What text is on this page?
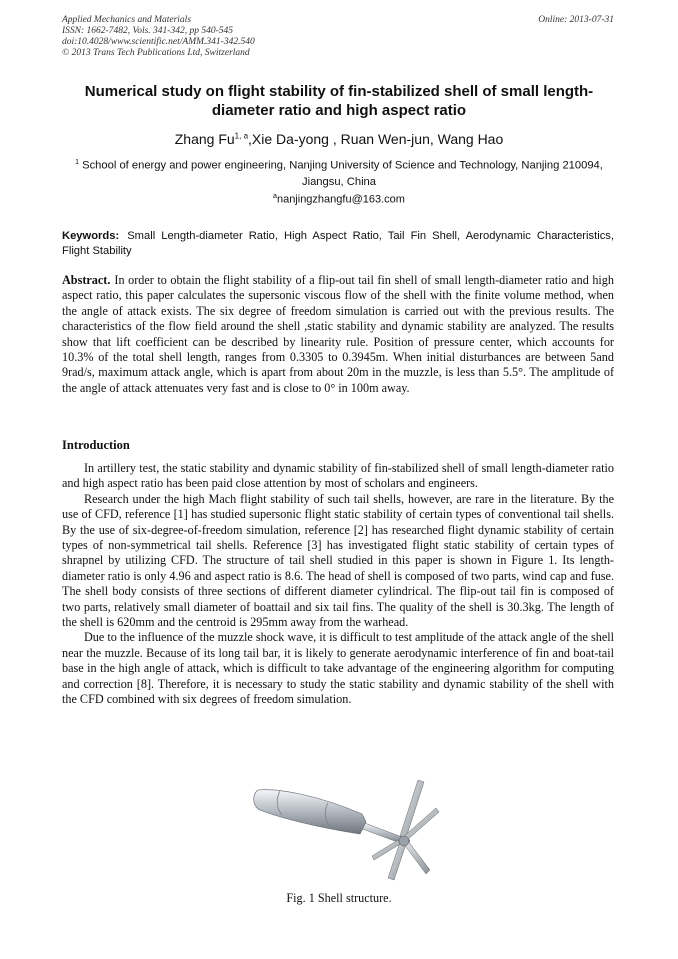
Applied Mechanics and Materials
ISSN: 1662-7482, Vols. 341-342, pp 540-545
doi:10.4028/www.scientific.net/AMM.341-342.540
© 2013 Trans Tech Publications Ltd, Switzerland
Online: 2013-07-31
Numerical study on flight stability of fin-stabilized shell of small length-diameter ratio and high aspect ratio
Zhang Fu$^{1, a}$,Xie Da-yong , Ruan Wen-jun, Wang Hao
$^1$ School of energy and power engineering, Nanjing University of Science and Technology, Nanjing 210094, Jiangsu, China
$^a$nanjingzhangfu@163.com
Keywords: Small Length-diameter Ratio, High Aspect Ratio, Tail Fin Shell, Aerodynamic Characteristics, Flight Stability

Abstract. In order to obtain the flight stability of a flip-out tail fin shell of small length-diameter ratio and high aspect ratio, this paper calculates the supersonic viscous flow of the shell with the finite volume method, when the angle of attack exists. The six degree of freedom simulation is carried out with the previous results. The characteristics of the flow field around the shell ,static stability and dynamic stability are analyzed. The results show that lift coefficient can be described by linearity rule. Position of pressure center, which accounts for 10.3% of the total shell length, ranges from 0.3305 to 0.3945m. When initial disturbances are between 5and 9rad/s, maximum attack angle, which is apart from about 20m in the muzzle, is less than 5.5°. The amplitude of the angle of attack attenuates very fast and is close to 0° in 100m away.

Introduction

In artillery test, the static stability and dynamic stability of fin-stabilized shell of small length-diameter ratio and high aspect ratio has been paid close attention by most of scholars and engineers.

Research under the high Mach flight stability of such tail shells, however, are rare in the literature. By the use of CFD, reference [1] has studied supersonic flight static stability of certain types of conventional tail shells. By the use of six-degree-of-freedom simulation, reference [2] has researched flight dynamic stability of certain types of non-symmetrical tail shells. Reference [3] has investigated flight static stability of certain types of shrapnel by utilizing CFD. The structure of tail shell studied in this paper is shown in Figure 1. Its length-diameter ratio is only 4.96 and aspect ratio is 8.6. The head of shell is composed of two parts, wind cap and fuse. The shell body consists of three sections of different diameter cylindrical. The flip-out tail fin is composed of two parts, relatively small diameter of boattail and six tail fins. The quality of the shell is 30.3kg. The length of the shell is 620mm and the centroid is 295mm away from the warhead.

Due to the influence of the muzzle shock wave, it is difficult to test amplitude of the attack angle of the shell near the muzzle. Because of its long tail bar, it is likely to generate aerodynamic interference of fin and boat-tail base in the high angle of attack, which is difficult to take advantage of the engineering algorithm for computing and correction [8]. Therefore, it is necessary to study the static stability and dynamic stability of the shell with the CFD combined with six degrees of freedom simulation.

Fig. 1 Shell structure.
